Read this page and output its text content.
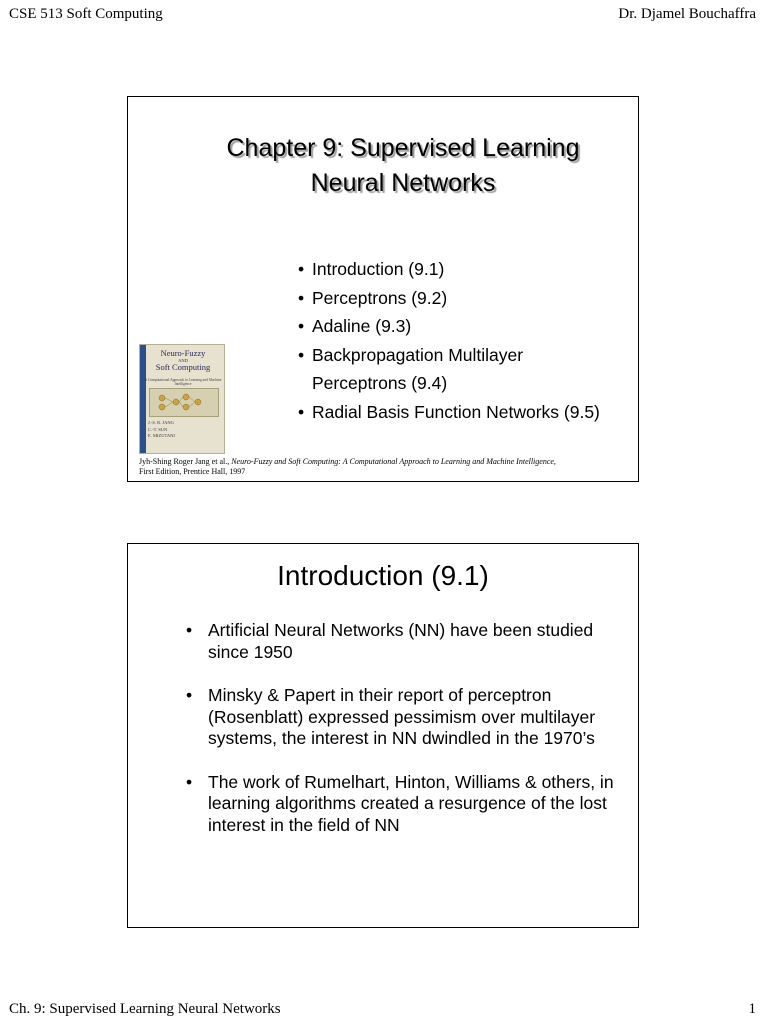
CSE 513 Soft Computing	Dr. Djamel Bouchaffra
Chapter 9: Supervised Learning
Neural Networks
• Introduction (9.1)
• Perceptrons (9.2)
• Adaline (9.3)
• Backpropagation Multilayer
Perceptrons (9.4)
• Radial Basis Function Networks (9.5)
Neuro-Fuzzy
AND
Soft Computing
A Computational Approach to Learning and Machine Intelligence
J.-S. R. JANG
C.-T. SUN
E. MIZUTANI
Jyh-Shing Roger Jang et al., Neuro-Fuzzy and Soft Computing: A Computational Approach to Learning and Machine Intelligence,
First Edition, Prentice Hall, 1997
Introduction (9.1)
• Artificial Neural Networks (NN) have been studied since 1950
• Minsky & Papert in their report of perceptron (Rosenblatt) expressed pessimism over multilayer systems, the interest in NN dwindled in the 1970’s
• The work of Rumelhart, Hinton, Williams & others, in learning algorithms created a resurgence of the lost interest in the field of NN
Ch. 9: Supervised Learning Neural Networks	1
